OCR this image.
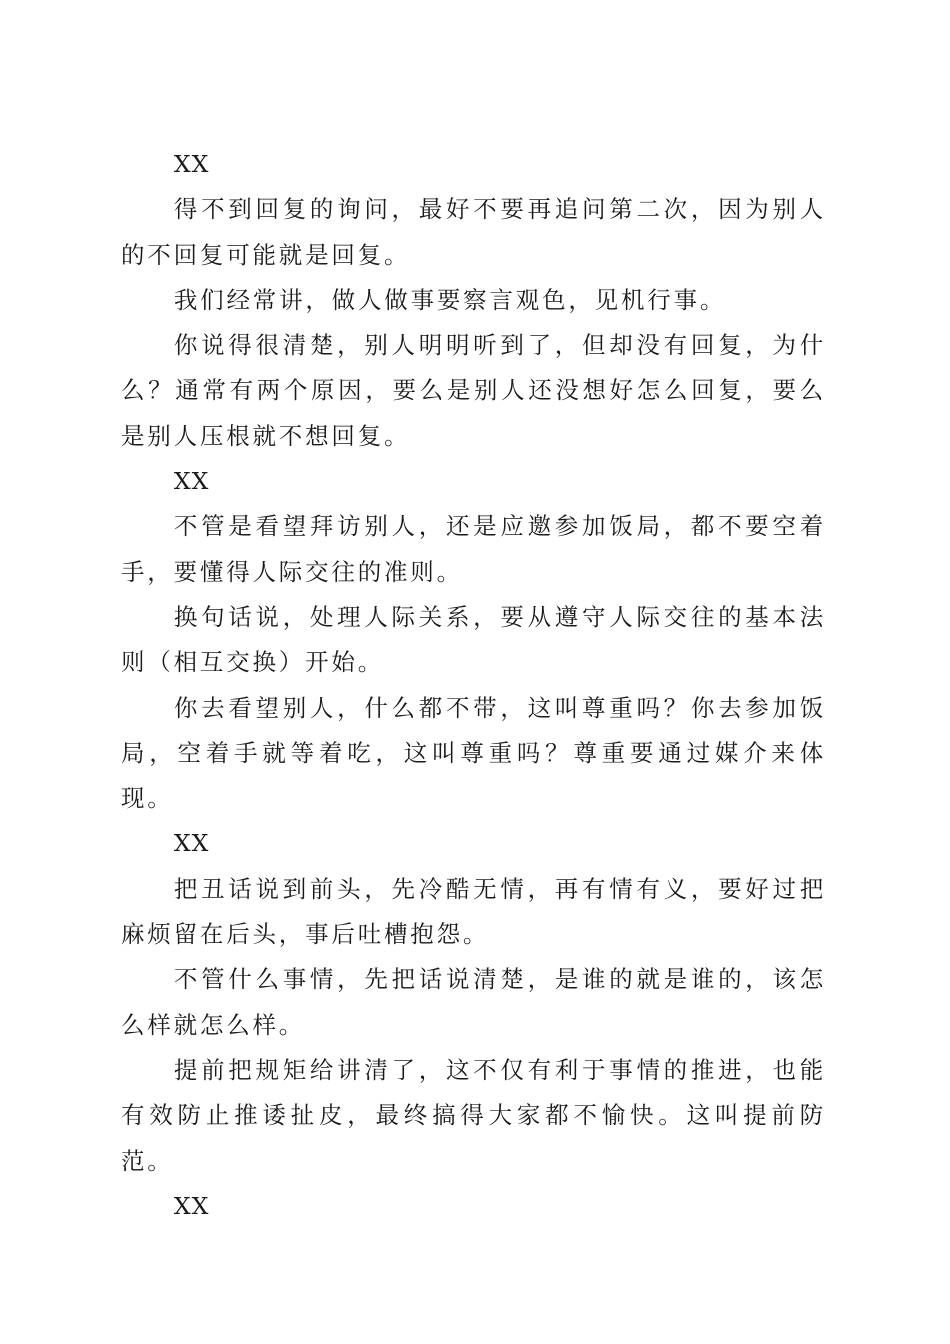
XX

得不到回复的询问，最好不要再追问第二次，因为别人的不回复可能就是回复。

我们经常讲，做人做事要察言观色，见机行事。

你说得很清楚，别人明明听到了，但却没有回复，为什么？通常有两个原因，要么是别人还没想好怎么回复，要么是别人压根就不想回复。

XX

不管是看望拜访别人，还是应邀参加饭局，都不要空着手，要懂得人际交往的准则。

换句话说，处理人际关系，要从遵守人际交往的基本法则（相互交换）开始。

你去看望别人，什么都不带，这叫尊重吗？你去参加饭局，空着手就等着吃，这叫尊重吗？尊重要通过媒介来体现。

XX

把丑话说到前头，先冷酷无情，再有情有义，要好过把麻烦留在后头，事后吐槽抱怨。

不管什么事情，先把话说清楚，是谁的就是谁的，该怎么样就怎么样。

提前把规矩给讲清了，这不仅有利于事情的推进，也能有效防止推诿扯皮，最终搞得大家都不愉快。这叫提前防范。

XX
